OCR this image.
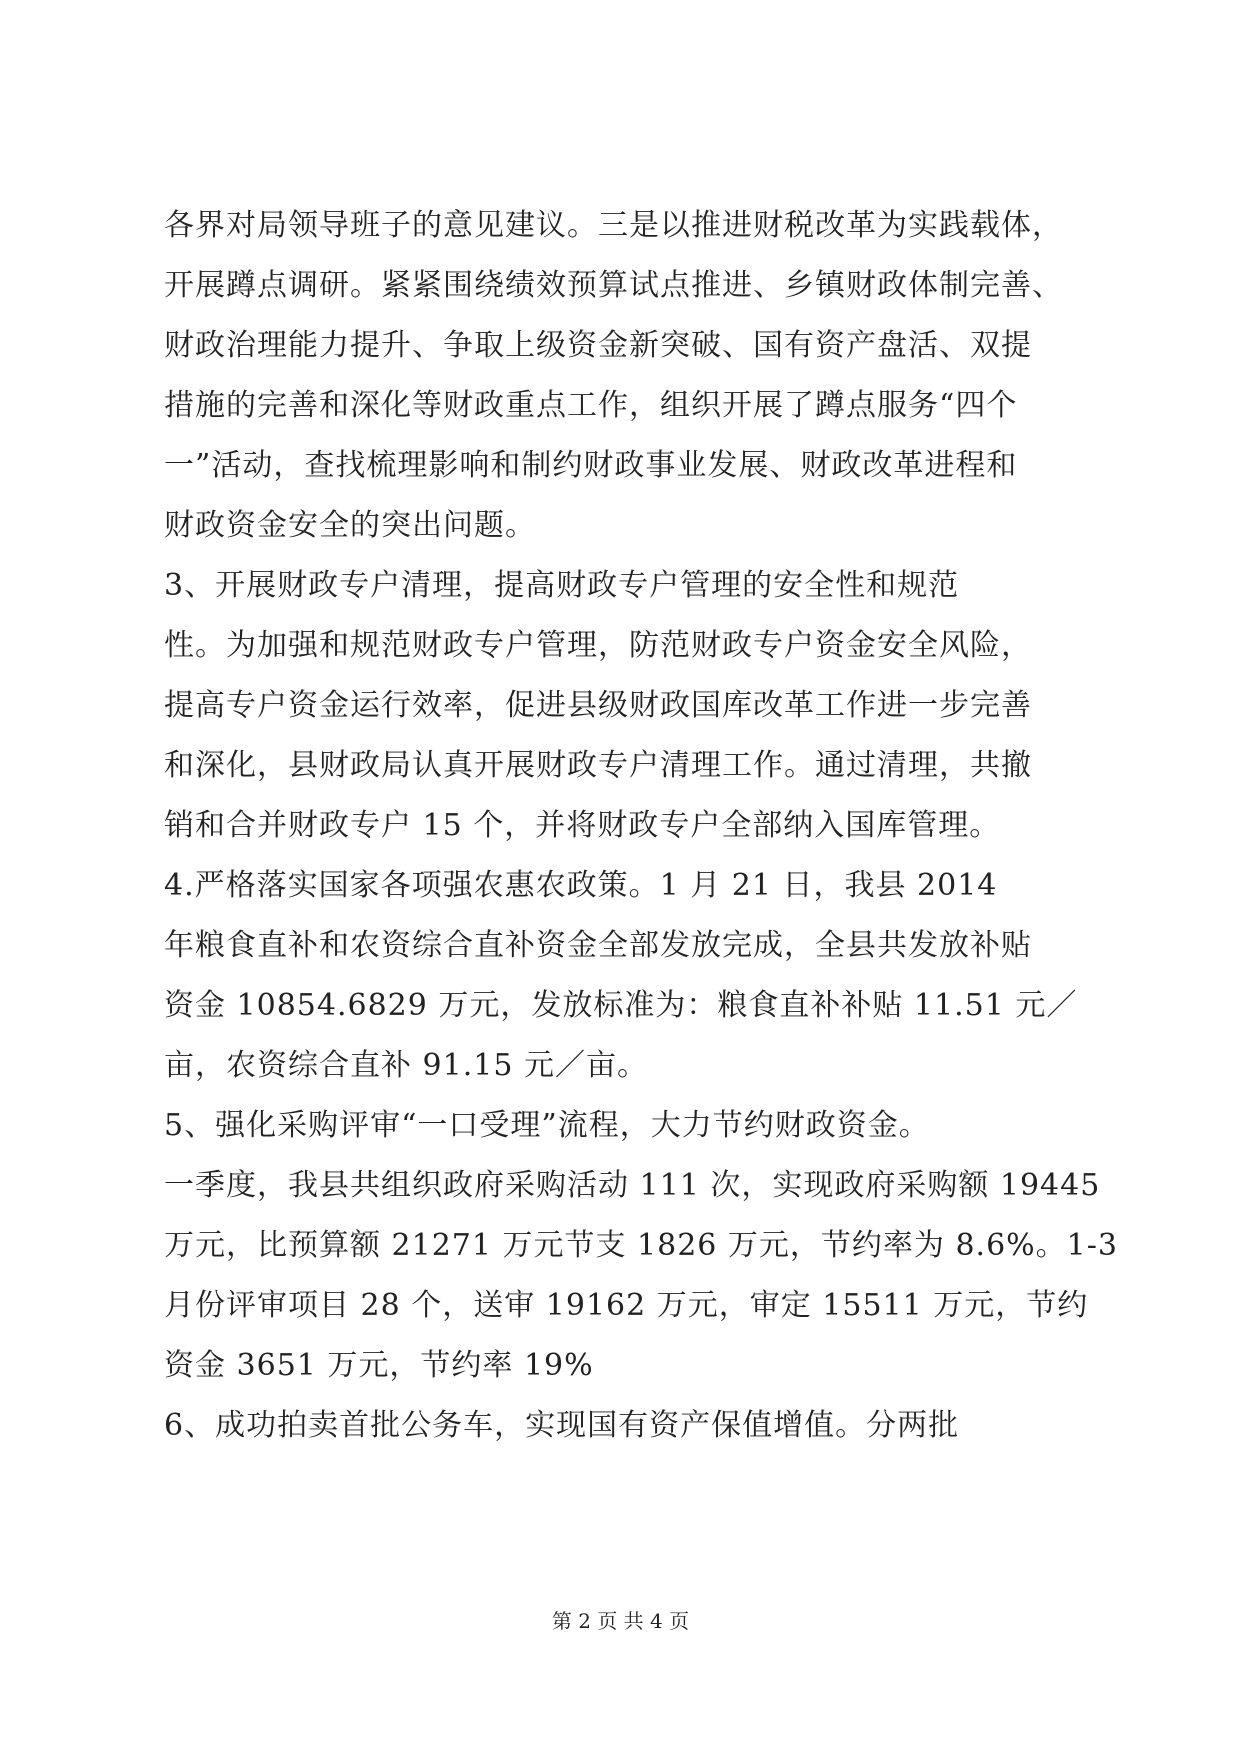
各界对局领导班子的意见建议。三是以推进财税改革为实践载体，
开展蹲点调研。紧紧围绕绩效预算试点推进、乡镇财政体制完善、
财政治理能力提升、争取上级资金新突破、国有资产盘活、双提
措施的完善和深化等财政重点工作，组织开展了蹲点服务“四个
一”活动，查找梳理影响和制约财政事业发展、财政改革进程和
财政资金安全的突出问题。
3、开展财政专户清理，提高财政专户管理的安全性和规范
性。为加强和规范财政专户管理，防范财政专户资金安全风险，
提高专户资金运行效率，促进县级财政国库改革工作进一步完善
和深化，县财政局认真开展财政专户清理工作。通过清理，共撤
销和合并财政专户 15 个，并将财政专户全部纳入国库管理。
4.严格落实国家各项强农惠农政策。1 月 21 日，我县 2014
年粮食直补和农资综合直补资金全部发放完成，全县共发放补贴
资金 10854.6829 万元，发放标准为：粮食直补补贴 11.51 元／
亩，农资综合直补 91.15 元／亩。
5、强化采购评审“一口受理”流程，大力节约财政资金。
一季度，我县共组织政府采购活动 111 次，实现政府采购额 19445
万元，比预算额 21271 万元节支 1826 万元，节约率为 8.6%。1-3
月份评审项目 28 个，送审 19162 万元，审定 15511 万元，节约
资金 3651 万元，节约率 19%
6、成功拍卖首批公务车，实现国有资产保值增值。分两批
第 2 页 共 4 页
